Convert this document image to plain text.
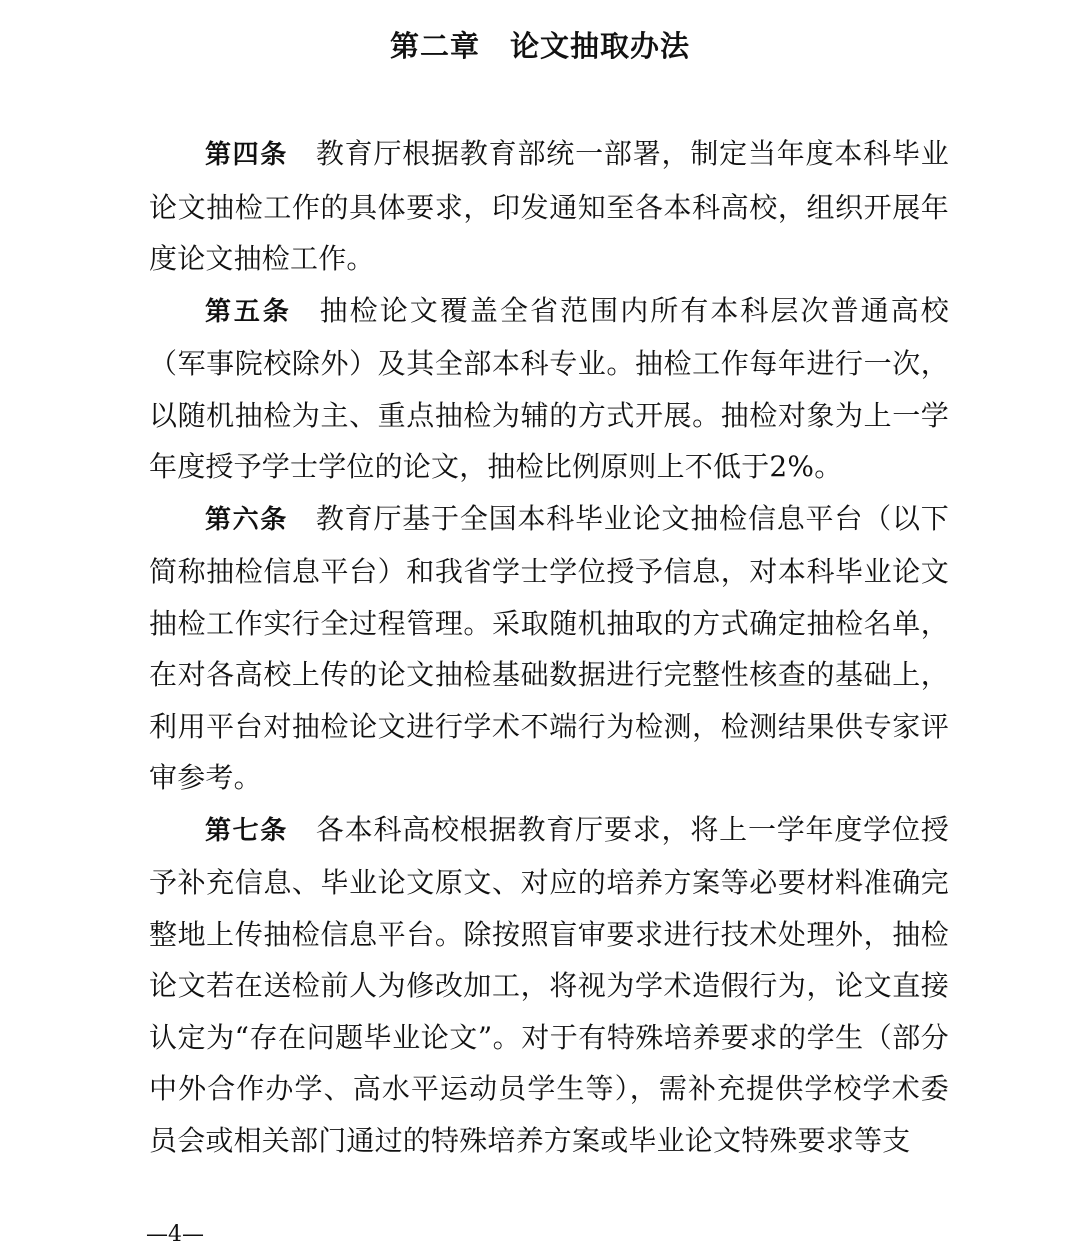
第二章 论文抽取办法

第四条 教育厅根据教育部统一部署，制定当年度本科毕业论文抽检工作的具体要求，印发通知至各本科高校，组织开展年度论文抽检工作。

第五条 抽检论文覆盖全省范围内所有本科层次普通高校（军事院校除外）及其全部本科专业。抽检工作每年进行一次，以随机抽检为主、重点抽检为辅的方式开展。抽检对象为上一学年度授予学士学位的论文，抽检比例原则上不低于2%。

第六条 教育厅基于全国本科毕业论文抽检信息平台（以下简称抽检信息平台）和我省学士学位授予信息，对本科毕业论文抽检工作实行全过程管理。采取随机抽取的方式确定抽检名单，在对各高校上传的论文抽检基础数据进行完整性核查的基础上，利用平台对抽检论文进行学术不端行为检测，检测结果供专家评审参考。

第七条 各本科高校根据教育厅要求，将上一学年度学位授予补充信息、毕业论文原文、对应的培养方案等必要材料准确完整地上传抽检信息平台。除按照盲审要求进行技术处理外，抽检论文若在送检前人为修改加工，将视为学术造假行为，论文直接认定为“存在问题毕业论文”。对于有特殊培养要求的学生（部分中外合作办学、高水平运动员学生等），需补充提供学校学术委员会或相关部门通过的特殊培养方案或毕业论文特殊要求等支

—4—
